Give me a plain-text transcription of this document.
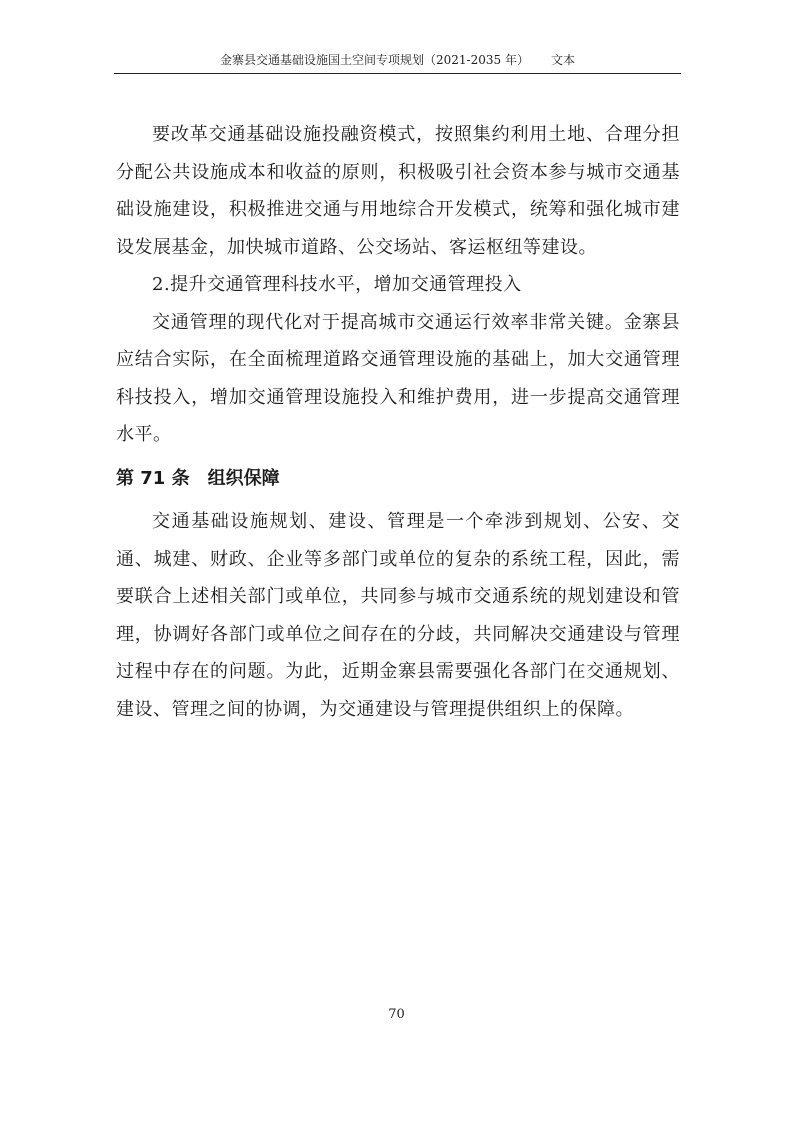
金寨县交通基础设施国土空间专项规划（2021-2035 年） 文本

要改革交通基础设施投融资模式，按照集约利用土地、合理分担分配公共设施成本和收益的原则，积极吸引社会资本参与城市交通基础设施建设，积极推进交通与用地综合开发模式，统筹和强化城市建设发展基金，加快城市道路、公交场站、客运枢纽等建设。

2.提升交通管理科技水平，增加交通管理投入

交通管理的现代化对于提高城市交通运行效率非常关键。金寨县应结合实际，在全面梳理道路交通管理设施的基础上，加大交通管理科技投入，增加交通管理设施投入和维护费用，进一步提高交通管理水平。

第 71 条 组织保障

交通基础设施规划、建设、管理是一个牵涉到规划、公安、交通、城建、财政、企业等多部门或单位的复杂的系统工程，因此，需要联合上述相关部门或单位，共同参与城市交通系统的规划建设和管理，协调好各部门或单位之间存在的分歧，共同解决交通建设与管理过程中存在的问题。为此，近期金寨县需要强化各部门在交通规划、建设、管理之间的协调，为交通建设与管理提供组织上的保障。

70
